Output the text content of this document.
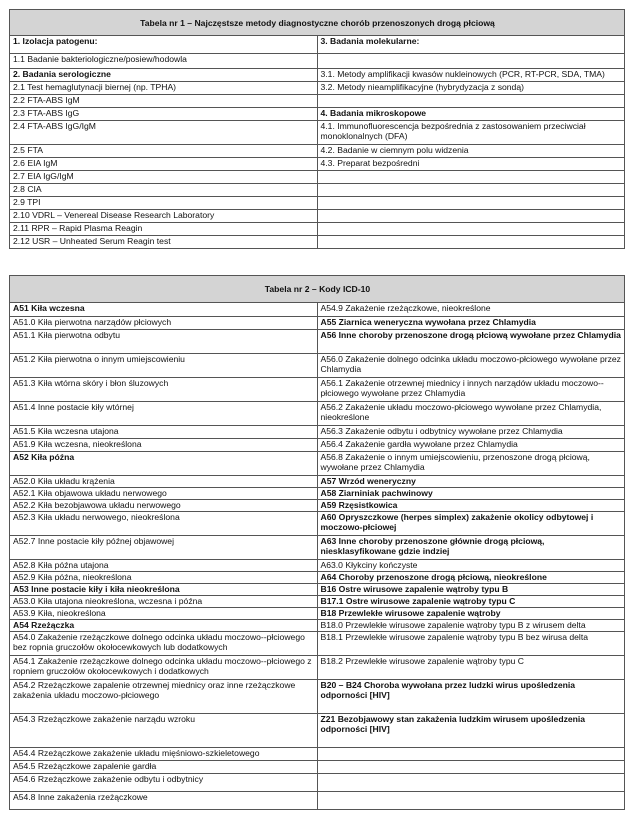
Tabela nr 1 – Najczęstsze metody diagnostyczne chorób przenoszonych drogą płciową	
1. Izolacja patogenu:	3. Badania molekularne:
1.1 Badanie bakteriologiczne/posiew/hodowla	
2. Badania serologiczne	3.1. Metody amplifikacji kwasów nukleinowych (PCR, RT-PCR, SDA, TMA)
2.1 Test hemaglutynacji biernej (np. TPHA)	3.2. Metody nieamplifikacyjne (hybrydyzacja z sondą)
2.2 FTA-ABS IgM	
2.3 FTA-ABS IgG	4. Badania mikroskopowe
2.4 FTA-ABS IgG/IgM	4.1. Immunofluorescencja bezpośrednia z zastosowaniem przeciwciał monoklonalnych (DFA)
2.5 FTA	4.2. Badanie w ciemnym polu widzenia
2.6 EIA IgM	4.3. Preparat bezpośredni
2.7 EIA IgG/IgM	
2.8 CIA	
2.9 TPI	
2.10 VDRL – Venereal Disease Research Laboratory	
2.11 RPR – Rapid Plasma Reagin	
2.12 USR – Unheated Serum Reagin test	
Tabela nr 2 – Kody ICD-10	
A51 Kiła wczesna	A54.9 Zakażenie rzeżączkowe, nieokreślone
A51.0 Kiła pierwotna narządów płciowych	A55 Ziarnica weneryczna wywołana przez Chlamydia
A51.1 Kiła pierwotna odbytu	A56 Inne choroby przenoszone drogą płciową wywołane przez Chlamydia
A51.2 Kiła pierwotna o innym umiejscowieniu	A56.0 Zakażenie dolnego odcinka układu moczowo-płciowego wywołane przez Chlamydia
A51.3 Kiła wtórna skóry i błon śluzowych	A56.1 Zakażenie otrzewnej miednicy i innych narządów układu moczowo--płciowego wywołane przez Chlamydia
A51.4 Inne postacie kiły wtórnej	A56.2 Zakażenie układu moczowo-płciowego wywołane przez Chlamydia, nieokreślone
A51.5 Kiła wczesna utajona	A56.3 Zakażenie odbytu i odbytnicy wywołane przez Chlamydia
A51.9 Kiła wczesna, nieokreślona	A56.4 Zakażenie gardła wywołane przez Chlamydia
A52 Kiła późna	A56.8 Zakażenie o innym umiejscowieniu, przenoszone drogą płciową, wywołane przez Chlamydia
A52.0 Kiła układu krążenia	A57 Wrzód weneryczny
A52.1 Kiła objawowa układu nerwowego	A58 Ziarniniak pachwinowy
A52.2 Kiła bezobjawowa układu nerwowego	A59 Rzęsistkowica
A52.3 Kiła układu nerwowego, nieokreślona	A60 Opryszczkowe (herpes simplex) zakażenie okolicy odbytowej i moczowo-płciowej
A52.7 Inne postacie kiły późnej objawowej	A63 Inne choroby przenoszone głównie drogą płciową, niesklasyfikowane gdzie indziej
A52.8 Kiła późna utajona	A63.0 Kłykciny kończyste
A52.9 Kiła późna, nieokreślona	A64 Choroby przenoszone drogą płciową, nieokreślone
A53 Inne postacie kiły i kiła nieokreślona	B16 Ostre wirusowe zapalenie wątroby typu B
A53.0 Kiła utajona nieokreślona, wczesna i późna	B17.1 Ostre wirusowe zapalenie wątroby typu C
A53.9 Kiła, nieokreślona	B18 Przewlekłe wirusowe zapalenie wątroby
A54 Rzeżączka	B18.0 Przewlekłe wirusowe zapalenie wątroby typu B z wirusem delta
A54.0 Zakażenie rzeżączkowe dolnego odcinka układu moczowo--płciowego bez ropnia gruczołów okołocewkowych lub dodatkowych	B18.1 Przewlekłe wirusowe zapalenie wątroby typu B bez wirusa delta
A54.1 Zakażenie rzeżączkowe dolnego odcinka układu moczowo--płciowego z ropniem gruczołów okołocewkowych i dodatkowych	B18.2 Przewlekłe wirusowe zapalenie wątroby typu C
A54.2 Rzeżączkowe zapalenie otrzewnej miednicy oraz inne rzeżączkowe zakażenia układu moczowo-płciowego	B20 – B24 Choroba wywołana przez ludzki wirus upośledzenia odporności [HIV]
A54.3 Rzeżączkowe zakażenie narządu wzroku	Z21 Bezobjawowy stan zakażenia ludzkim wirusem upośledzenia odporności [HIV]
A54.4 Rzeżączkowe zakażenie układu mięśniowo-szkieletowego	
A54.5 Rzeżączkowe zapalenie gardła	
A54.6 Rzeżączkowe zakażenie odbytu i odbytnicy	
A54.8 Inne zakażenia rzeżączkowe	
